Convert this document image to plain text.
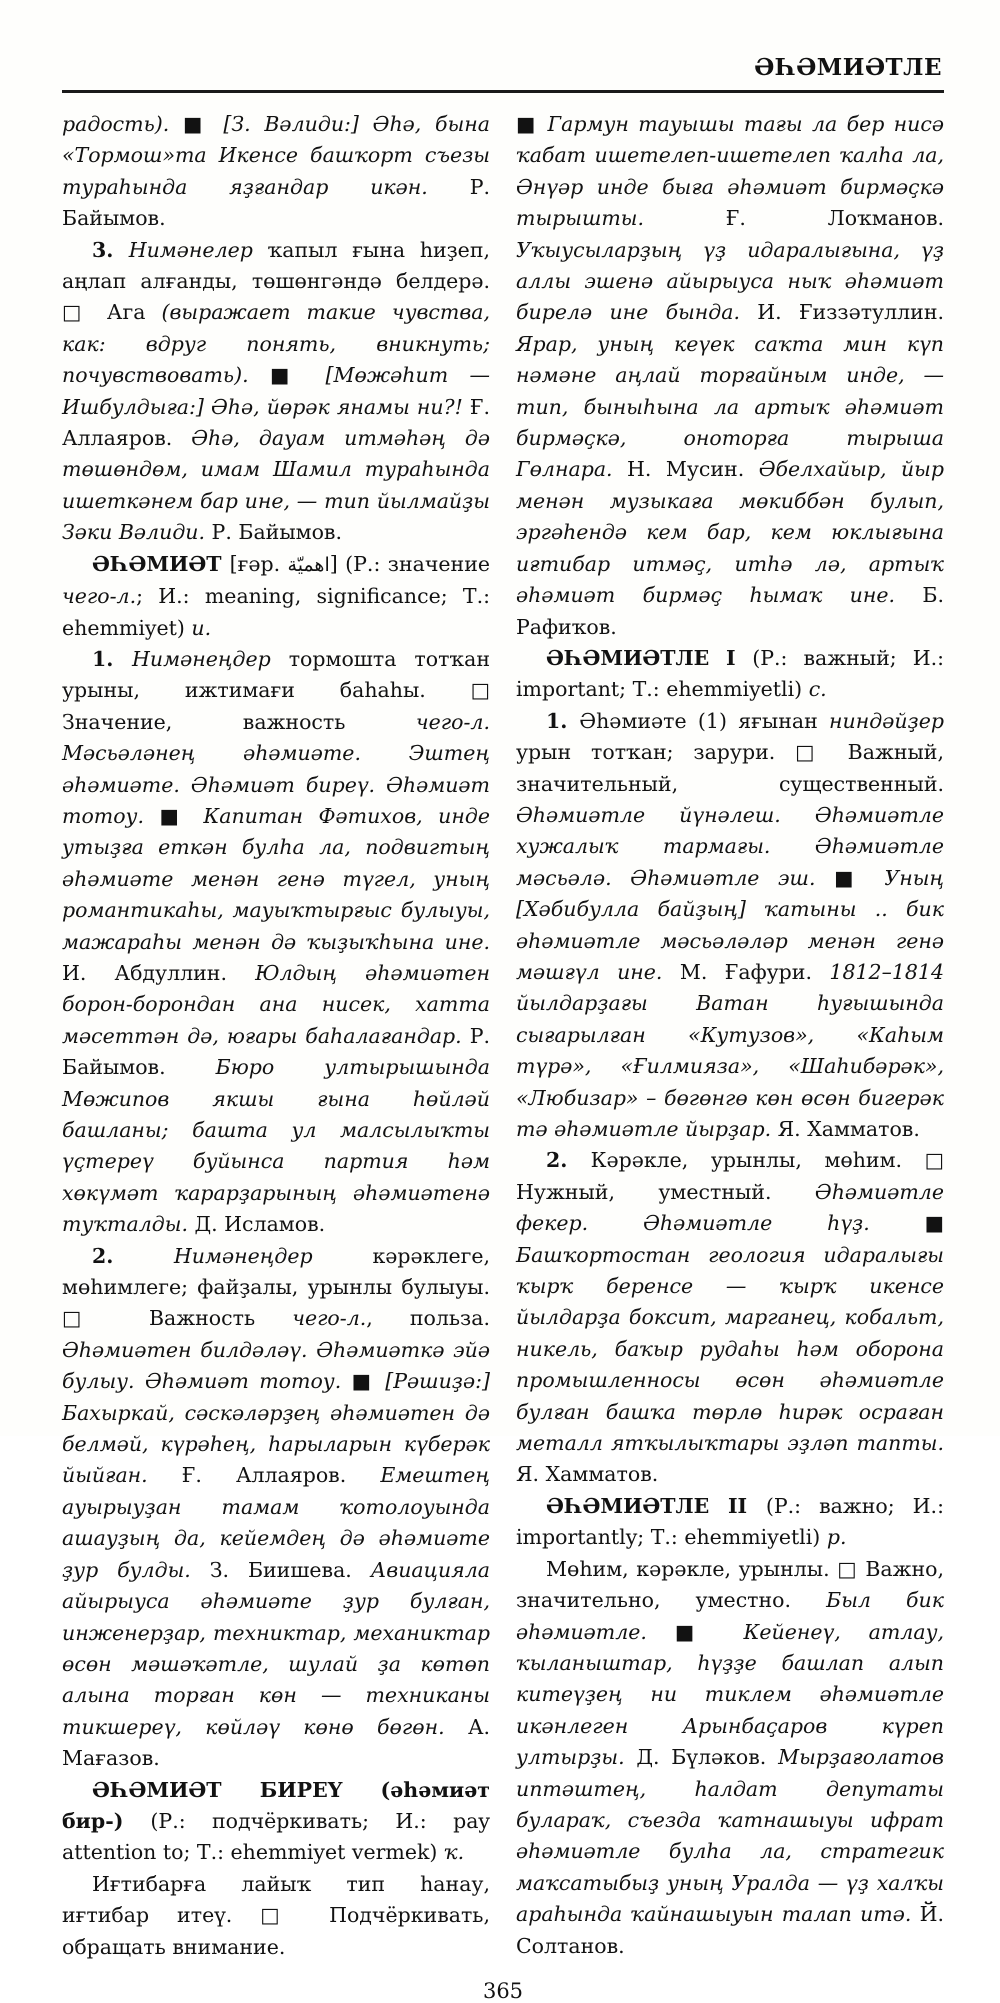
ӘҺӘМИӘТЛЕ

радость). ■ [З. Вәлиди:] Әһә, бына «Тормош»та Икенсе башҡорт съезы тураһында яҙғандар икән. Р. Байымов.

3. Нимәнелер ҡапыл ғына һиҙеп, аңлап алғанды, төшөнгәндә белдерә. □ Ага (выражает такие чувства, как: вдруг понять, вникнуть; почувствовать). ■ [Мөжәһит — Ишбулдыға:] Әһә, йөрәк янамы ни?! Ғ. Аллаяров. Әһә, дауам итмәһәң дә төшөндөм, имам Шамил тураһында ишеткәнем бар ине, — тип йылмайҙы Зәки Вәлиди. Р. Байымов.

ӘҺӘМИӘТ [ғәр. اهميّة] (Р.: значение чего-л.; И.: meaning, significance; Т.: ehemmiyet) и.

1. Нимәнеңдер тормошта тотҡан урыны, ижтимағи баһаһы. □ Значение, важность чего-л. Мәсьәләнең әһәмиәте. Эштең әһәмиәте. Әһәмиәт биреү. Әһәмиәт тотоу. ■ Капитан Фәтихов, инде утыҙға еткән булһа ла, подвигтың әһәмиәте менән генә түгел, уның романтикаһы, мауыҡтырғыс булыуы, мажараһы менән дә ҡыҙыҡһына ине. И. Абдуллин. Юлдың әһәмиәтен борон-борондан ана нисек, хатта мәсеттән дә, юғары баһалағандар. Р. Байымов. Бюро ултырышында Мөжипов якшы ғына һөйләй башланы; башта ул малсылыҡты үҫтереү буйынса партия һәм хөкүмәт ҡарарҙарының әһәмиәтенә туҡталды. Д. Исламов.

2. Нимәнеңдер кәрәклеге, мөһимлеге; файҙалы, урынлы булыуы. □ Важность чего-л., польза. Әһәмиәтен билдәләү. Әһәмиәткә эйә булыу. Әһәмиәт тотоу. ■ [Рәшиҙә:] Бахыркай, сәскәләрҙең әһәмиәтен дә белмәй, күрәһең, һарыларын күберәк йыйған. Ғ. Аллаяров. Емештең ауырыуҙан тамам ҡотолоуында ашауҙың да, кейемдең дә әһәмиәте ҙур булды. З. Биишева. Авиацияла айырыуса әһәмиәте ҙур булған, инженерҙар, техниктар, механиктар өсөн мәшәҡәтле, шулай ҙа көтөп алына торған көн — техниканы тикшереү, көйләү көнө бөгөн. А. Мағазов.

ӘҺӘМИӘТ БИРЕҮ (әһәмиәт бир-) (Р.: подчёркивать; И.: pay attention to; Т.: ehemmiyet vermek) ҡ.

Иғтибарға лайыҡ тип һанау, иғтибар итеү. □ Подчёркивать, обращать внимание.

■ Гармун тауышы тағы ла бер нисә ҡабат ишетелеп-ишетелеп ҡалһа ла, Әнүәр инде быға әһәмиәт бирмәҫкә тырышты. Ғ. Лоҡманов. Уҡыусыларҙың үҙ идаралығына, үҙ аллы эшенә айырыуса ныҡ әһәмиәт бирелә ине бында. И. Ғиззәтуллин. Ярар, уның кеүек саҡта мин күп нәмәне аңлай торғайным инде, — тип, быныһына ла артыҡ әһәмиәт бирмәҫкә, оноторға тырыша Гөлнара. Н. Мусин. Әбелхайыр, йыр менән музыкаға мөкиббән булып, эргәһендә кем бар, кем юклығына иғтибар итмәҫ, итһә лә, артыҡ әһәмиәт бирмәҫ һымаҡ ине. Б. Рафиҡов.

ӘҺӘМИӘТЛЕ I (Р.: важный; И.: important; Т.: ehemmiyetli) с.

1. Әһәмиәте (1) яғынан ниндәйҙер урын тотҡан; зарури. □ Важный, значительный, существенный. Әһәмиәтле йүнәлеш. Әһәмиәтле хужалыҡ тармағы. Әһәмиәтле мәсьәлә. Әһәмиәтле эш. ■ Уның [Хәбибулла байҙың] ҡатыны .. бик әһәмиәтле мәсьәләләр менән генә мәшғүл ине. М. Ғафури. 1812–1814 йылдарҙағы Ватан һуғышында сығарылған «Кутузов», «Каһым түрә», «Ғилмияза», «Шаһибәрәк», «Любизар» – бөгөнгө көн өсөн бигерәк тә әһәмиәтле йырҙар. Я. Хамматов.

2. Кәрәкле, урынлы, мөһим. □ Нужный, уместный. Әһәмиәтле фекер. Әһәмиәтле һүҙ. ■ Башҡортостан геология идаралығы ҡырҡ беренсе — ҡырҡ икенсе йылдарҙа боксит, марганец, кобальт, никель, баҡыр рудаһы һәм оборона промышленносы өсөн әһәмиәтле булған башҡа төрлө һирәк осраған металл ятҡылыҡтары эҙләп тапты. Я. Хамматов.

ӘҺӘМИӘТЛЕ II (Р.: важно; И.: importantly; Т.: ehemmiyetli) р.

Мөһим, кәрәкле, урынлы. □ Важно, значительно, уместно. Был бик әһәмиәтле. ■ Кейенеү, атлау, ҡыланыштар, һүҙҙе башлап алып китеүҙең ни тиклем әһәмиәтле икәнлеген Арынбаҫаров күреп ултырҙы. Д. Бүләков. Мырҙағолатов иптәштең, һалдат депутаты булараҡ, съезда ҡатнашыуы ифрат әһәмиәтле булһа ла, стратегик маҡсатыбыҙ уның Уралда — үҙ халҡы араһында ҡайнашыуын талап итә. Й. Солтанов.

365
